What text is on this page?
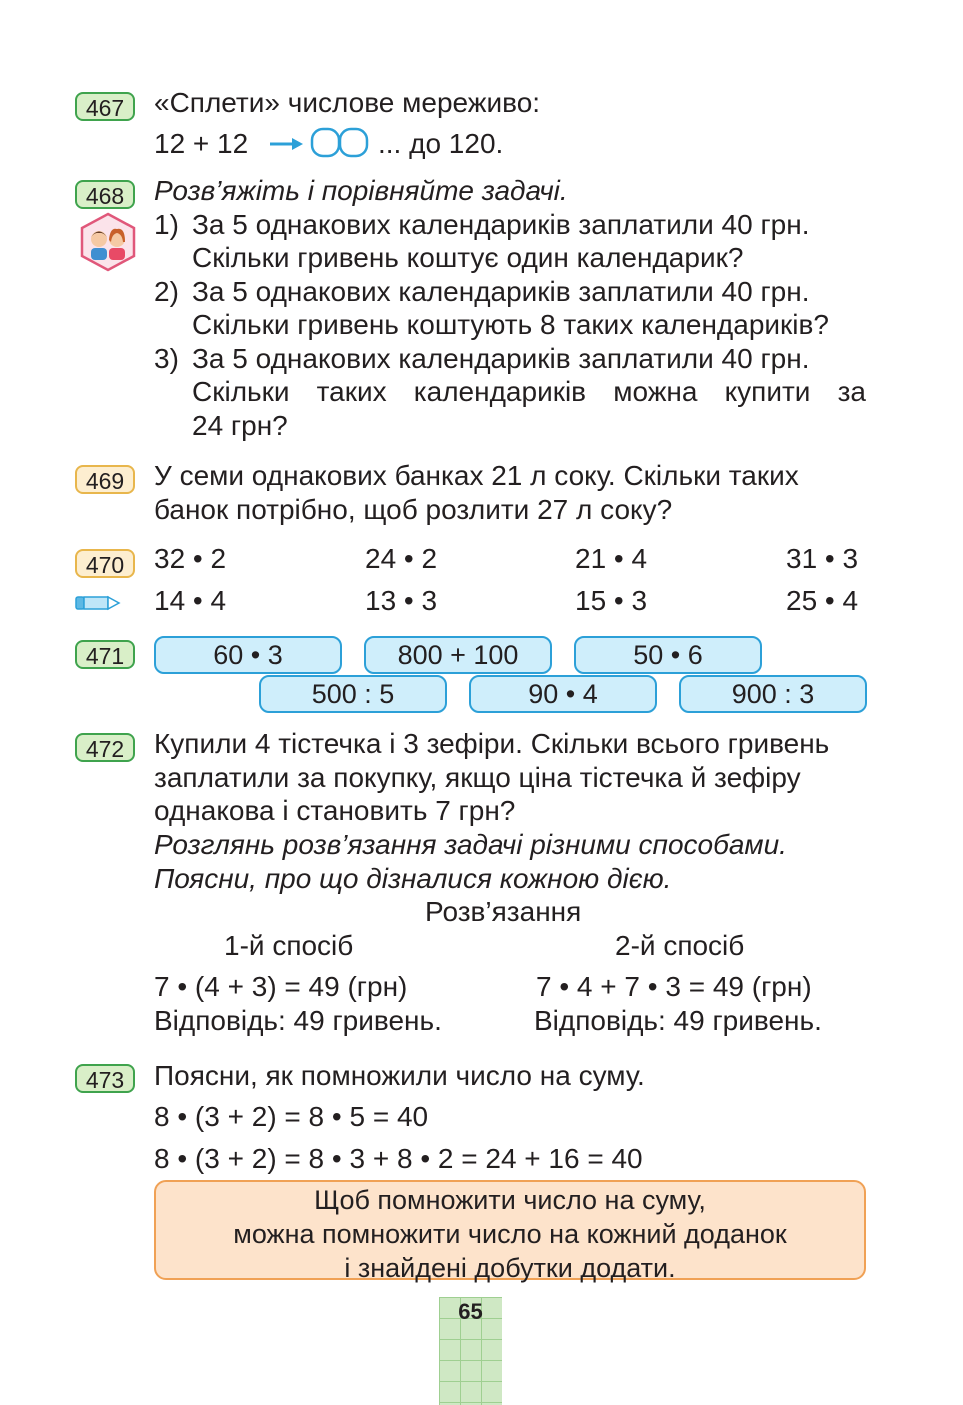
467	«Сплети» числове мереживо:
12 + 12	... до 120.
468	Розв’яжіть і порівняйте задачі.
1) За 5 однакових календариків заплатили 40 грн.
Скільки гривень коштує один календарик?
2) За 5 однакових календариків заплатили 40 грн.
Скільки гривень коштують 8 таких календариків?
3) За 5 однакових календариків заплатили 40 грн.
Скільки таких календариків можна купити за
24 грн?
469	У семи однакових банках 21 л соку. Скільки таких
банок потрібно, щоб розлити 27 л соку?
470	32 • 2	24 • 2	21 • 4	31 • 3
14 • 4	13 • 3	15 • 3	25 • 4
471	60 • 3	800 + 100	50 • 6
500 : 5	90 • 4	900 : 3
472	Купили 4 тістечка і 3 зефіри. Скільки всього гривень
заплатили за покупку, якщо ціна тістечка й зефіру
однакова і становить 7 грн?
Розглянь розв’язання задачі різними способами.
Поясни, про що дізналися кожною дією.
Розв’язання
1-й спосіб	2-й спосіб
7 • (4 + 3) = 49 (грн)	7 • 4 + 7 • 3 = 49 (грн)
Відповідь: 49 гривень.	Відповідь: 49 гривень.
473	Поясни, як помножили число на суму.
8 • (3 + 2) = 8 • 5 = 40
8 • (3 + 2) = 8 • 3 + 8 • 2 = 24 + 16 = 40
Щоб помножити число на суму,
можна помножити число на кожний доданок
і знайдені добутки додати.
65
